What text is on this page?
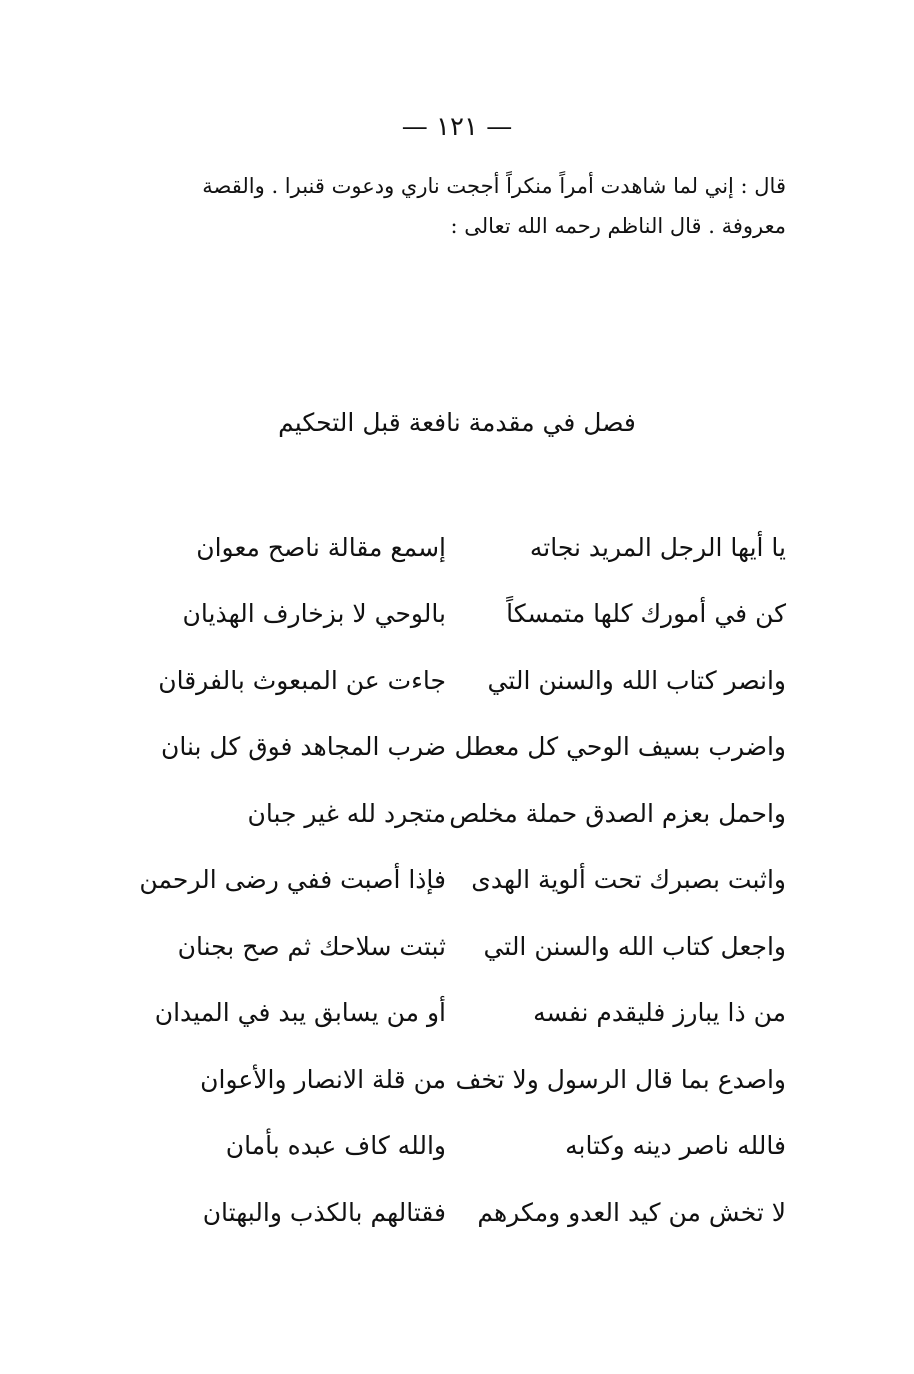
— ١٢١ —
قال : إني لما شاهدت أمراً منكراً أججت ناري ودعوت قنبرا . والقصة
معروفة . قال الناظم رحمه الله تعالى :
فصل في مقدمة نافعة قبل التحكيم
يا أيها الرجل المريد نجاته
إسمع مقالة ناصح معوان
كن في أمورك كلها متمسكاً
بالوحي لا بزخارف الهذيان
وانصر كتاب الله والسنن التي
جاءت عن المبعوث بالفرقان
واضرب بسيف الوحي كل معطل
ضرب المجاهد فوق كل بنان
واحمل بعزم الصدق حملة مخلص
متجرد لله غير جبان
واثبت بصبرك تحت ألوية الهدى
فإذا أصبت ففي رضى الرحمن
واجعل كتاب الله والسنن التي
ثبتت سلاحك ثم صح بجنان
من ذا يبارز فليقدم نفسه
أو من يسابق يبد في الميدان
واصدع بما قال الرسول ولا تخف
من قلة الانصار والأعوان
فالله ناصر دينه وكتابه
والله كاف عبده بأمان
لا تخش من كيد العدو ومكرهم
فقتالهم بالكذب والبهتان
